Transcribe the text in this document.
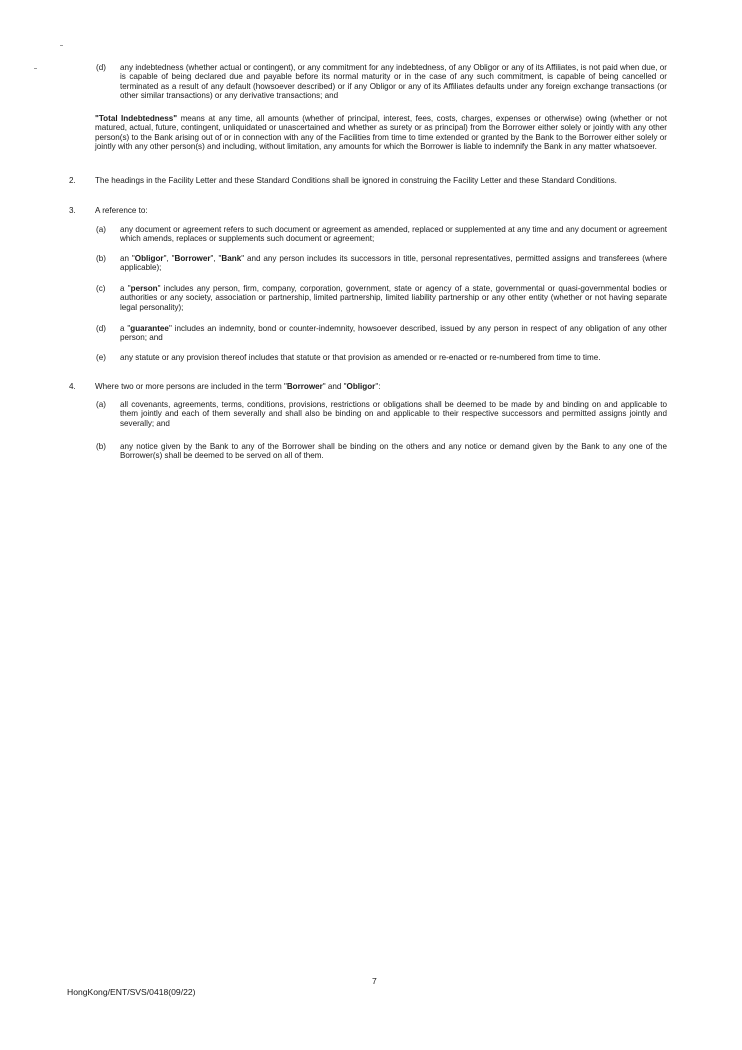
(d) any indebtedness (whether actual or contingent), or any commitment for any indebtedness, of any Obligor or any of its Affiliates, is not paid when due, or is capable of being declared due and payable before its normal maturity or in the case of any such commitment, is capable of being cancelled or terminated as a result of any default (howsoever described) or if any Obligor or any of its Affiliates defaults under any foreign exchange transactions (or other similar transactions) or any derivative transactions; and
"Total Indebtedness" means at any time, all amounts (whether of principal, interest, fees, costs, charges, expenses or otherwise) owing (whether or not matured, actual, future, contingent, unliquidated or unascertained and whether as surety or as principal) from the Borrower either solely or jointly with any other person(s) to the Bank arising out of or in connection with any of the Facilities from time to time extended or granted by the Bank to the Borrower either solely or jointly with any other person(s) and including, without limitation, any amounts for which the Borrower is liable to indemnify the Bank in any matter whatsoever.
2. The headings in the Facility Letter and these Standard Conditions shall be ignored in construing the Facility Letter and these Standard Conditions.
3. A reference to:
(a) any document or agreement refers to such document or agreement as amended, replaced or supplemented at any time and any document or agreement which amends, replaces or supplements such document or agreement;
(b) an "Obligor", "Borrower", "Bank" and any person includes its successors in title, personal representatives, permitted assigns and transferees (where applicable);
(c) a "person" includes any person, firm, company, corporation, government, state or agency of a state, governmental or quasi-governmental bodies or authorities or any society, association or partnership, limited partnership, limited liability partnership or any other entity (whether or not having separate legal personality);
(d) a "guarantee" includes an indemnity, bond or counter-indemnity, howsoever described, issued by any person in respect of any obligation of any other person; and
(e) any statute or any provision thereof includes that statute or that provision as amended or re-enacted or re-numbered from time to time.
4. Where two or more persons are included in the term "Borrower" and "Obligor":
(a) all covenants, agreements, terms, conditions, provisions, restrictions or obligations shall be deemed to be made by and binding on and applicable to them jointly and each of them severally and shall also be binding on and applicable to their respective successors and permitted assigns jointly and severally; and
(b) any notice given by the Bank to any of the Borrower shall be binding on the others and any notice or demand given by the Bank to any one of the Borrower(s) shall be deemed to be served on all of them.
7
HongKong/ENT/SVS/0418(09/22)
